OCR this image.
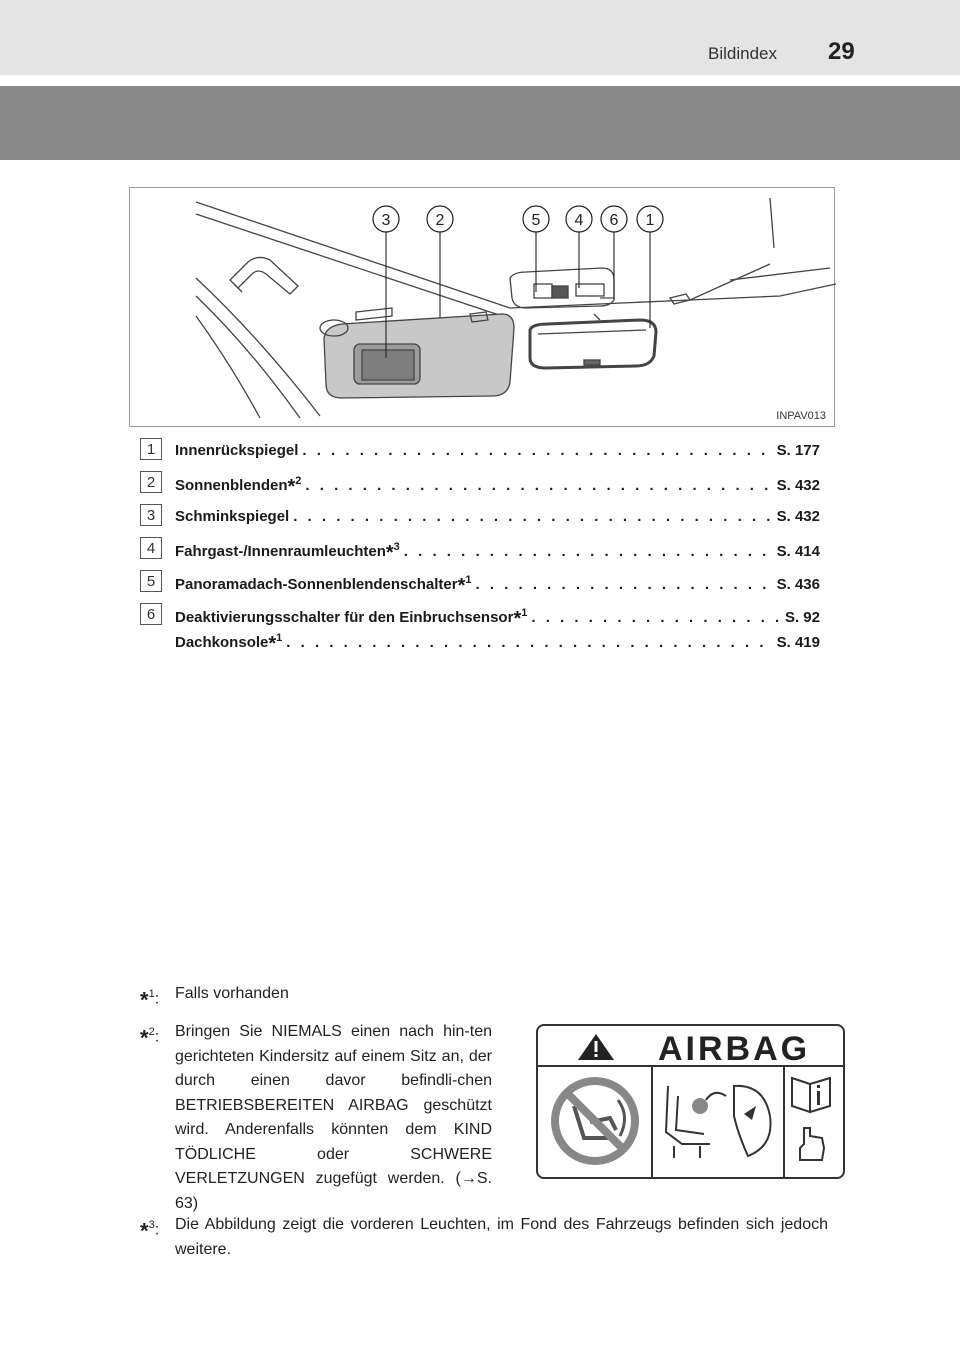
Bildindex 29
3	2	5 4 6 1
INPAV013
1	Innenrückspiegel . . .	S. 177
2	Sonnenblenden*$^2$ . . .	S. 432
3	Schminkspiegel . . .	S. 432
4	Fahrgast-/Innenraumleuchten*$^3$ . . .	S. 414
5	Panoramadach-Sonnenblendenschalter*$^1$ . . .	S. 436
6	Deaktivierungsschalter für den Einbruchsensor*$^1$ . . .	S. 92
Dachkonsole*$^1$ . . .	S. 419
*$^1$: Falls vorhanden
*$^2$: Bringen Sie NIEMALS einen nach hin-ten gerichteten Kindersitz auf einem Sitz an, der durch einen davor befindli-chen BETRIEBSBEREITEN AIRBAG geschützt wird. Anderenfalls könnten dem KIND TÖDLICHE oder SCHWERE VERLETZUNGEN zugefügt werden. (→S. 63)
AIRBAG
*$^3$: Die Abbildung zeigt die vorderen Leuchten, im Fond des Fahrzeugs befinden sich jedoch weitere.
